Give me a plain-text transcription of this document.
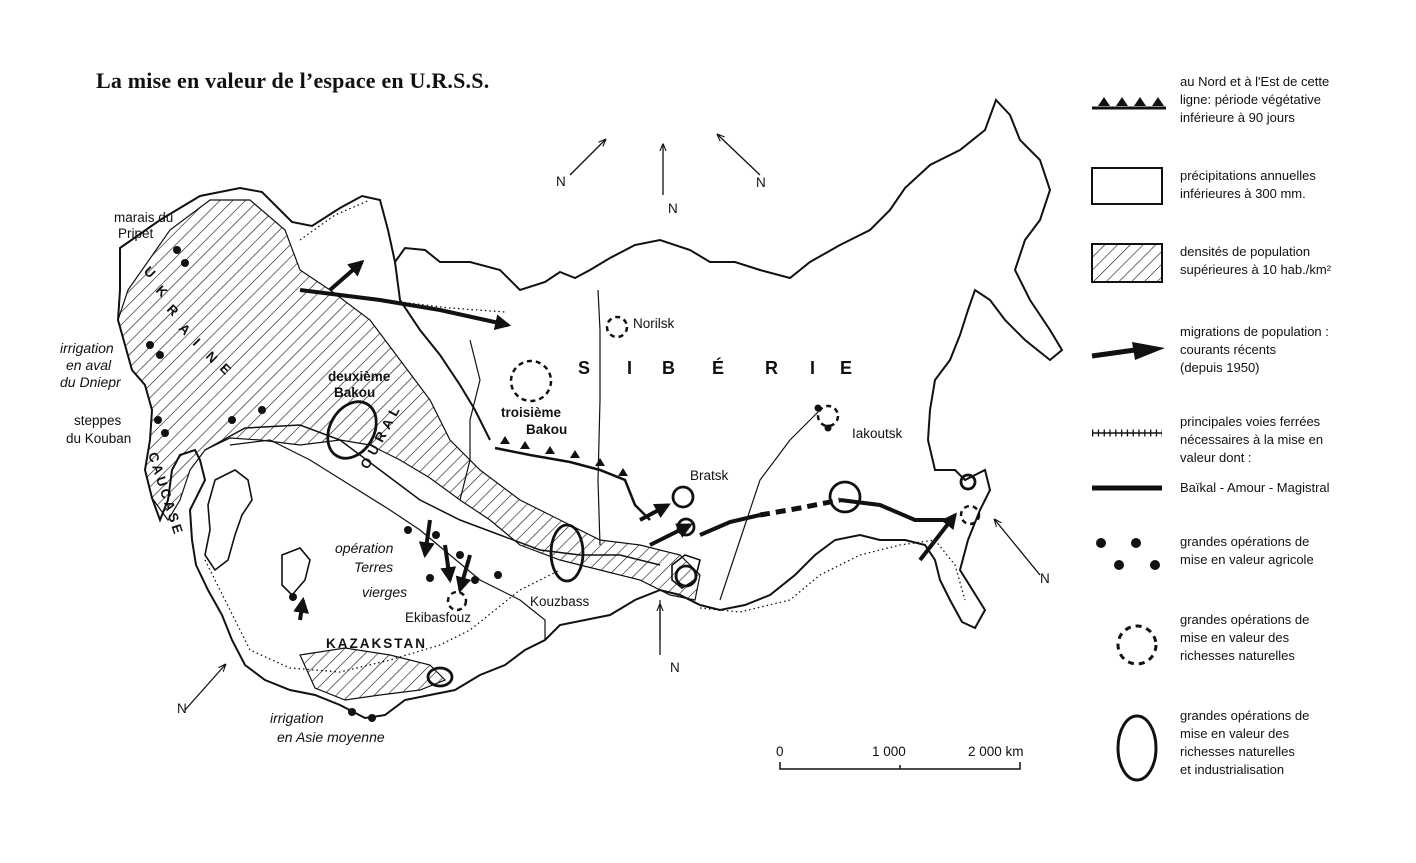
La mise en valeur de l’espace en U.R.S.S.
N
N
N
N
N
N
marais du
Pripet
irrigation
en aval
du Dniepr
steppes
du Kouban
deuxième
Bakou
troisième
Bakou
Norilsk
Iakoutsk
Bratsk
opération
Terres
vierges
Ekibasfouz
Kouzbass
irrigation
en Asie moyenne
U
K
R
A
I
N
E	S I B É R I E
OURAL
CAUCASE
KAZAKSTAN
0	1 000	2 000 km
au Nord et à l'Est de cette
ligne: période végétative
inférieure à 90 jours
précipitations annuelles
inférieures à 300 mm.
densités de population
supérieures à 10 hab./km²
migrations de population :
courants récents
(depuis 1950)
principales voies ferrées
nécessaires à la mise en
valeur dont :
Baïkal - Amour - Magistral
grandes opérations de
mise en valeur agricole
grandes opérations de
mise en valeur des
richesses naturelles
grandes opérations de
mise en valeur des
richesses naturelles
et industrialisation
